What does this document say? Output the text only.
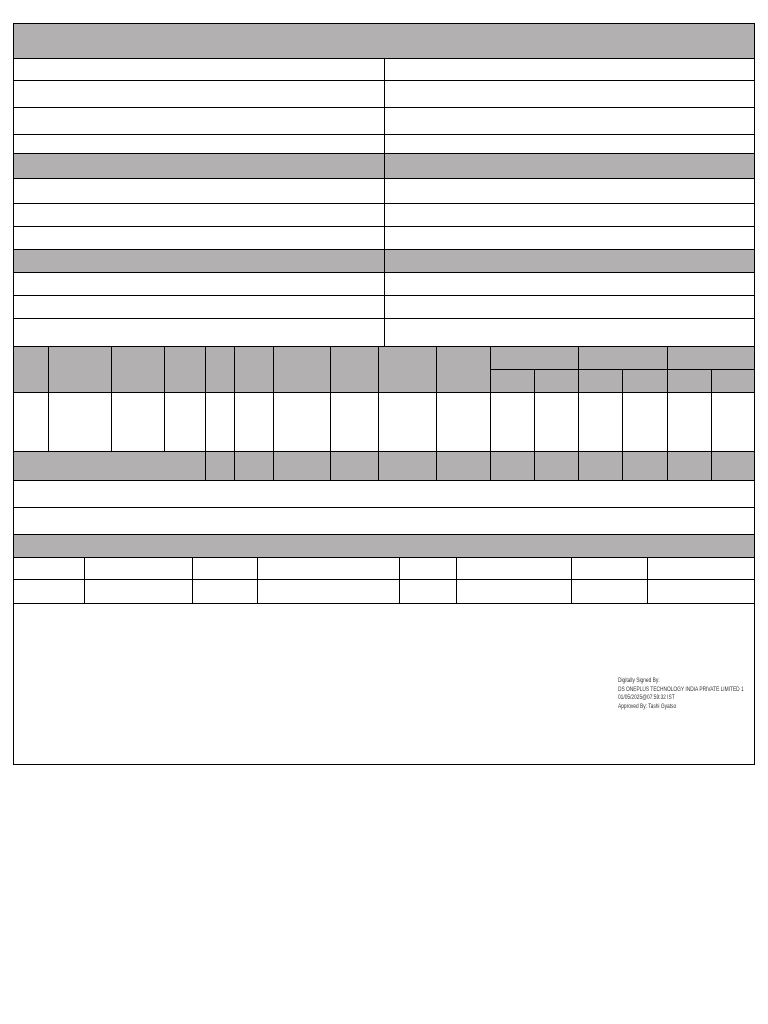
Digitally Signed By:
DS ONEPLUS TECHNOLOGY INDIA PRIVATE LIMITED 1
01/05/2025@07:59:32 IST
Approved By: Tashi Gyatso
